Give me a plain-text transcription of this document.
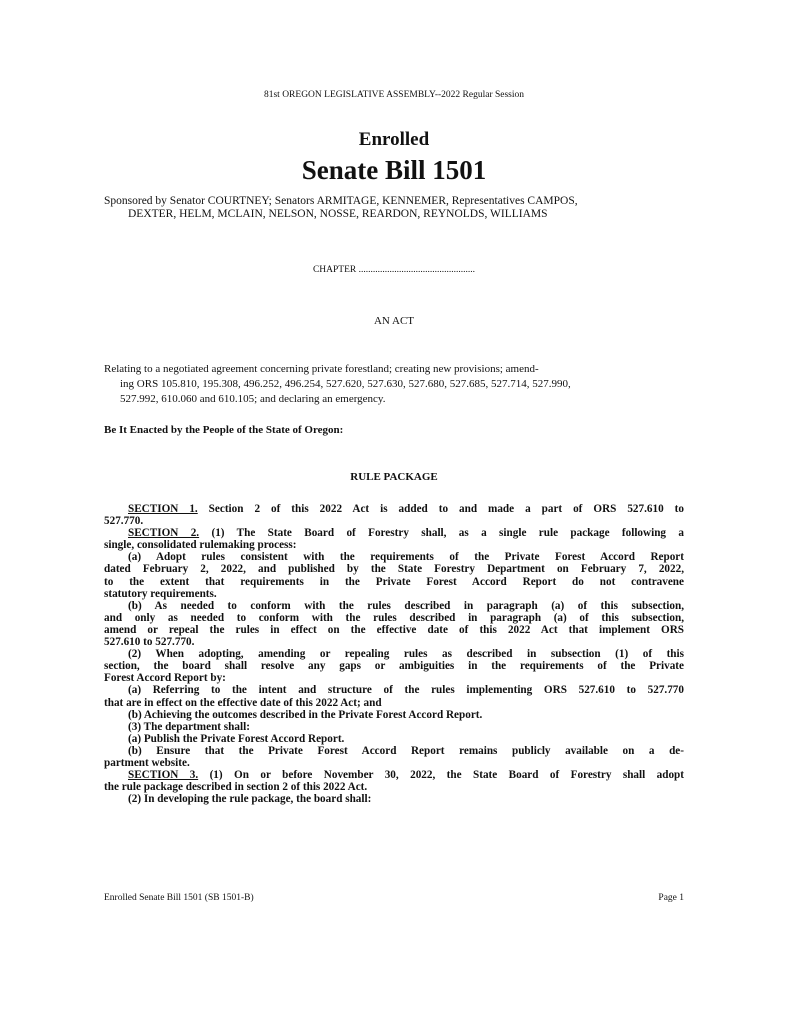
81st OREGON LEGISLATIVE ASSEMBLY--2022 Regular Session
Enrolled
Senate Bill 1501
Sponsored by Senator COURTNEY; Senators ARMITAGE, KENNEMER, Representatives CAMPOS,
DEXTER, HELM, MCLAIN, NELSON, NOSSE, REARDON, REYNOLDS, WILLIAMS
CHAPTER .................................................
AN ACT
Relating to a negotiated agreement concerning private forestland; creating new provisions; amend-
ing ORS 105.810, 195.308, 496.252, 496.254, 527.620, 527.630, 527.680, 527.685, 527.714, 527.990,
527.992, 610.060 and 610.105; and declaring an emergency.
Be It Enacted by the People of the State of Oregon:
RULE PACKAGE
SECTION 1. Section 2 of this 2022 Act is added to and made a part of ORS 527.610 to
527.770.
SECTION 2. (1) The State Board of Forestry shall, as a single rule package following a
single, consolidated rulemaking process:
(a) Adopt rules consistent with the requirements of the Private Forest Accord Report
dated February 2, 2022, and published by the State Forestry Department on February 7, 2022,
to the extent that requirements in the Private Forest Accord Report do not contravene
statutory requirements.
(b) As needed to conform with the rules described in paragraph (a) of this subsection,
and only as needed to conform with the rules described in paragraph (a) of this subsection,
amend or repeal the rules in effect on the effective date of this 2022 Act that implement ORS
527.610 to 527.770.
(2) When adopting, amending or repealing rules as described in subsection (1) of this
section, the board shall resolve any gaps or ambiguities in the requirements of the Private
Forest Accord Report by:
(a) Referring to the intent and structure of the rules implementing ORS 527.610 to 527.770
that are in effect on the effective date of this 2022 Act; and
(b) Achieving the outcomes described in the Private Forest Accord Report.
(3) The department shall:
(a) Publish the Private Forest Accord Report.
(b) Ensure that the Private Forest Accord Report remains publicly available on a de-
partment website.
SECTION 3. (1) On or before November 30, 2022, the State Board of Forestry shall adopt
the rule package described in section 2 of this 2022 Act.
(2) In developing the rule package, the board shall:
Enrolled Senate Bill 1501 (SB 1501-B)	Page 1
